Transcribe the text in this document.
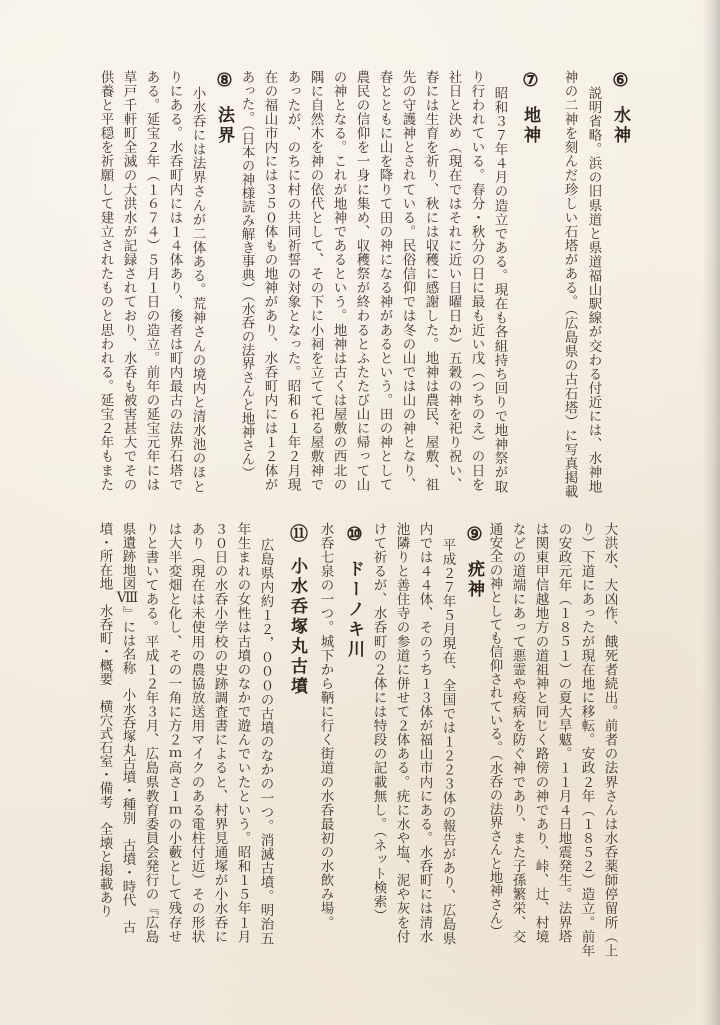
⑥水神
説明省略。浜の旧県道と県道福山駅線が交わる付近には、水神地
神の二神を刻んだ珍しい石塔がある。（広島県の古石塔）に写真掲載
⑦地神
昭和３７年４月の造立である。現在も各組持ち回りで地神祭が取
り行われている。春分・秋分の日に最も近い戊（つちのえ）の日を
社日と決め（現在ではそれに近い日曜日か）五穀の神を祀り祝い、
春には生育を祈り、秋には収穫に感謝した。地神は農民、屋敷、祖
先の守護神とされている。民俗信仰では冬の山では山の神となり、
春とともに山を降りて田の神になる神があるという。田の神として
農民の信仰を一身に集め、収穫祭が終わるとふたたび山に帰って山
の神となる。これが地神であるという。地神は古くは屋敷の西北の
隅に自然木を神の依代として、その下に小祠を立てて祀る屋敷神で
あったが、のちに村の共同祈誓の対象となった。昭和６１年２月現
在の福山市内には３５０体もの地神があり、水呑町内には１２体が
あった。（日本の神様読み解き事典）（水呑の法界さんと地神さん）
⑧法界
小水呑には法界さんが二体ある。荒神さんの境内と清水池のほと
りにある。水呑町内には１４体あり、後者は町内最古の法界石塔で
ある。延宝２年（１６７４）５月１日の造立。前年の延宝元年には
草戸千軒町全滅の大洪水が記録されており、水呑も被害甚大でその
供養と平穏を祈願して建立されたものと思われる。延宝２年もまた
大洪水、大凶作、餓死者続出。前者の法界さんは水呑薬師停留所（上
り）下道にあったが現在地に移転。安政２年（１８５２）造立。前年
の安政元年（１８５１）の夏大旱魃。１１月４日地震発生。法界塔
は関東甲信越地方の道祖神と同じく路傍の神であり、峠、辻、村境
などの道端にあって悪霊や疫病を防ぐ神であり、また子孫繁栄、交
通安全の神としても信仰されている。（水呑の法界さんと地神さん）
⑨疣神
平成２７年５月現在、全国では１２２３体の報告があり、広島県
内では４４体、そのうち１３体が福山市内にある。水呑町には清水
池隣りと善住寺の参道に併せて２体ある。疣に水や塩、泥や灰を付
けて祈るが、水呑町の２体には特段の記載無し。（ネット検索）
⑩ドーノキ川
水呑七泉の一つ。城下から鞆に行く街道の水呑最初の水飲み場。
⑪小水呑塚丸古墳
広島県内約１２，０００の古墳のなかの一つ。消滅古墳。明治五
年生まれの女性は古墳のなかで遊んでいたという。昭和１５年１月
３０日の水呑小学校の史跡調査書によると、村界見通塚が小水呑に
あり（現在は未使用の農協放送用マイクのある電柱付近）その形状
は大半変畑と化し、その一角に方２ｍ高さ１ｍの小藪として残存せ
りと書いてある。平成１２年３月、広島県教育委員会発行の『広島
県遺跡地図Ⅷ』には名称　小水呑塚丸古墳・種別　古墳・時代　古
墳・所在地　水呑町・概要　横穴式石室・備考　全壊と掲載あり
